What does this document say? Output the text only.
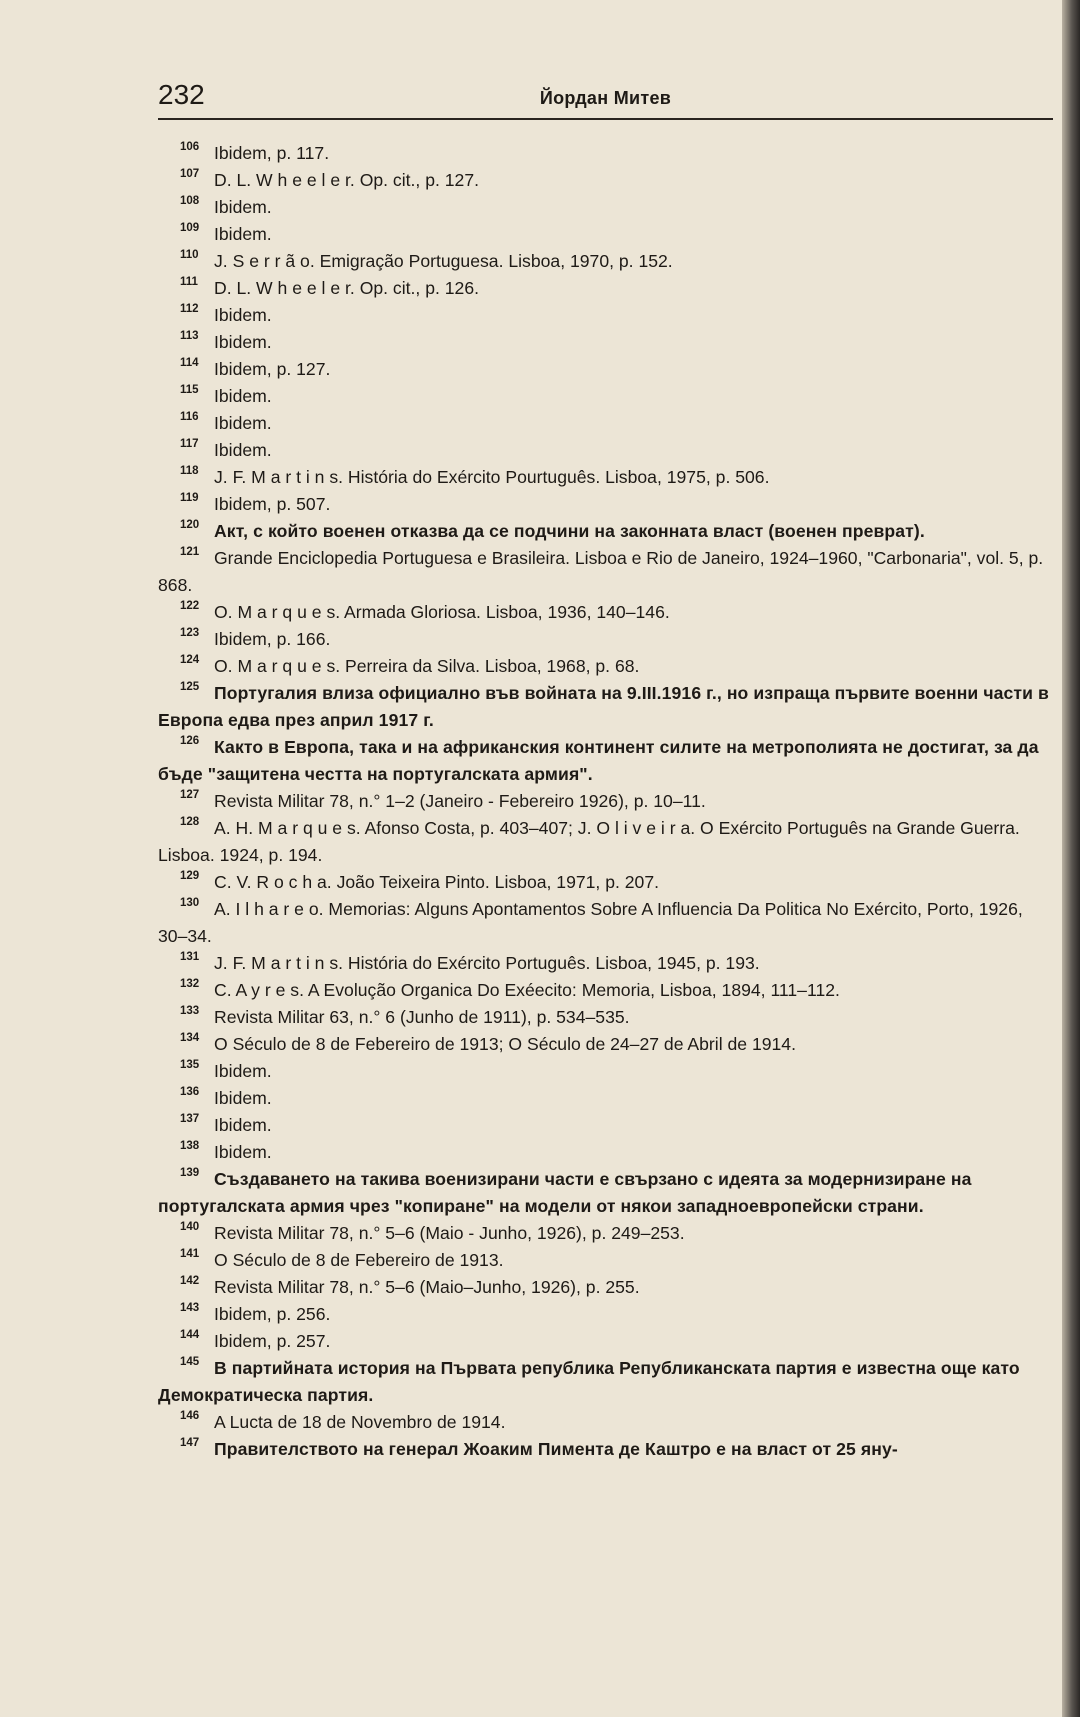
232	Йордан Митев

106 Ibidem, p. 117.

107 D. L. W h e e l e r. Op. cit., p. 127.

108 Ibidem.

109 Ibidem.

110 J. S e r r ã o. Emigração Portuguesa. Lisboa, 1970, p. 152.

111 D. L. W h e e l e r. Op. cit., p. 126.

112 Ibidem.

113 Ibidem.

114 Ibidem, p. 127.

115 Ibidem.

116 Ibidem.

117 Ibidem.

118 J. F. M a r t i n s. História do Exército Pourtuguês. Lisboa, 1975, p. 506.

119 Ibidem, p. 507.

120 Акт, с който военен отказва да се подчини на законната власт (военен преврат).

121 Grande Enciclopedia Portuguesa e Brasileira. Lisboa e Rio de Janeiro, 1924–1960, "Carbonaria", vol. 5, p. 868.

122 O. M a r q u e s. Armada Gloriosa. Lisboa, 1936, 140–146.

123 Ibidem, p. 166.

124 O. M a r q u e s. Perreira da Silva. Lisboa, 1968, p. 68.

125 Португалия влиза официално във войната на 9.III.1916 г., но изпраща първите военни части в Европа едва през април 1917 г.

126 Както в Европа, така и на африканския континент силите на метрополията не достигат, за да бъде "защитена честта на португалската армия".

127 Revista Militar 78, n.° 1–2 (Janeiro - Febereiro 1926), p. 10–11.

128 A. H. M a r q u e s. Afonso Costa, p. 403–407; J. O l i v e i r a. O Exército Português na Grande Guerra. Lisboa. 1924, p. 194.

129 C. V. R o c h a. João Teixeira Pinto. Lisboa, 1971, p. 207.

130 A. I l h a r e o. Memorias: Alguns Apontamentos Sobre A Influencia Da Politica No Exército, Porto, 1926, 30–34.

131 J. F. M a r t i n s. História do Exército Português. Lisboa, 1945, p. 193.

132 C. A y r e s. A Evolução Organica Do Exéecito: Memoria, Lisboa, 1894, 111–112.

133 Revista Militar 63, n.° 6 (Junho de 1911), p. 534–535.

134 O Século de 8 de Febereiro de 1913; O Século de 24–27 de Abril de 1914.

135 Ibidem.

136 Ibidem.

137 Ibidem.

138 Ibidem.

139 Създаването на такива военизирани части е свързано с идеята за модернизиране на португалската армия чрез "копиране" на модели от някои западноевропейски страни.

140 Revista Militar 78, n.° 5–6 (Maio - Junho, 1926), p. 249–253.

141 O Século de 8 de Febereiro de 1913.

142 Revista Militar 78, n.° 5–6 (Maio–Junho, 1926), p. 255.

143 Ibidem, p. 256.

144 Ibidem, p. 257.

145 В партийната история на Първата република Републиканската партия е известна още като Демократическа партия.

146 A Lucta de 18 de Novembro de 1914.

147 Правителството на генерал Жоаким Пимента де Каштро е на власт от 25 яну-
